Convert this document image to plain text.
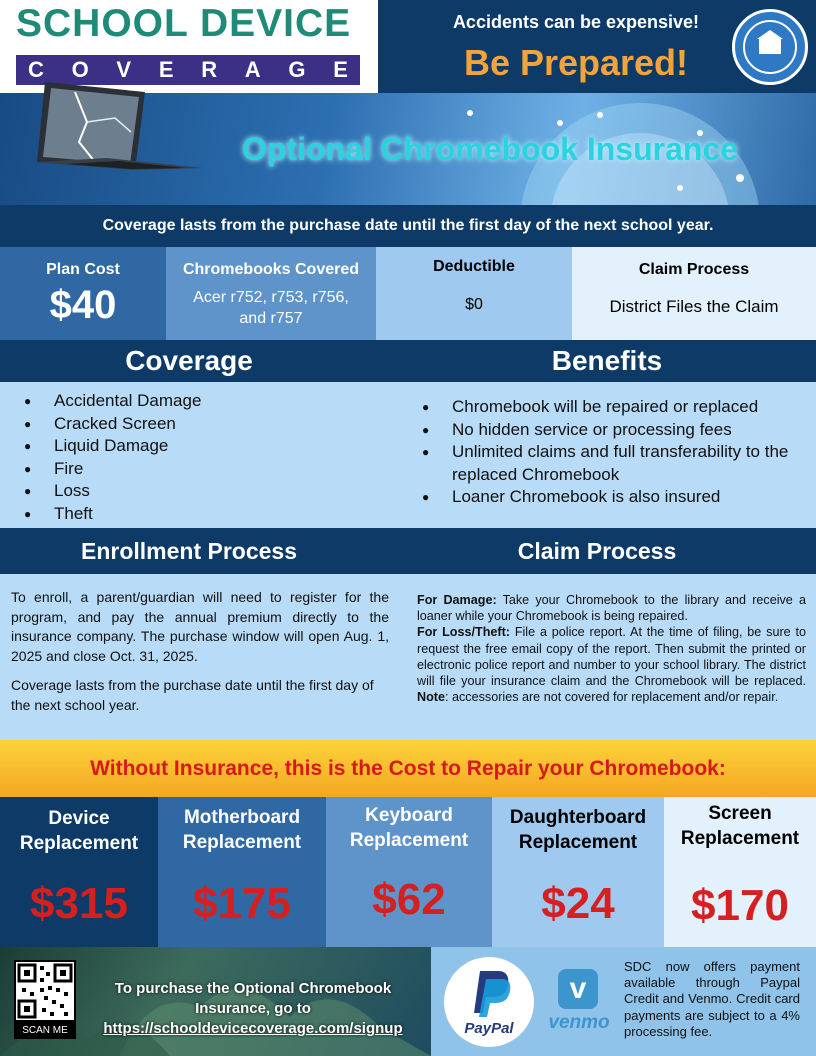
SCHOOL DEVICE
C O V E R A G E
Accidents can be expensive!
Be Prepared!
Optional Chromebook Insurance
Coverage lasts from the purchase date until the first day of the next school year.
Plan Cost
$40
Chromebooks Covered
Acer r752, r753, r756, and r757
Deductible
$0
Claim Process
District Files the Claim
Coverage	Benefits
● Accidental Damage
● Cracked Screen
● Liquid Damage
● Fire
● Loss
● Theft
● Chromebook will be repaired or replaced
● No hidden service or processing fees
● Unlimited claims and full transferability to the replaced Chromebook
● Loaner Chromebook is also insured
Enrollment Process	Claim Process

To enroll, a parent/guardian will need to register for the program, and pay the annual premium directly to the insurance company. The purchase window will open Aug. 1, 2025 and close Oct. 31, 2025.

Coverage lasts from the purchase date until the first day of the next school year.

For Damage: Take your Chromebook to the library and receive a loaner while your Chromebook is being repaired.
For Loss/Theft: File a police report. At the time of filing, be sure to request the free email copy of the report. Then submit the printed or electronic police report and number to your school library. The district will file your insurance claim and the Chromebook will be replaced. Note: accessories are not covered for replacement and/or repair.
Without Insurance, this is the Cost to Repair your Chromebook:
Device Replacement
$315
Motherboard Replacement
$175
Keyboard Replacement
$62
Daughterboard Replacement
$24
Screen Replacement
$170
SCAN ME
To purchase the Optional Chromebook Insurance, go to
https://schooldevicecoverage.com/signup	PayPal
v
venmo
SDC now offers payment available through Paypal Credit and Venmo. Credit card payments are subject to a 4% processing fee.
